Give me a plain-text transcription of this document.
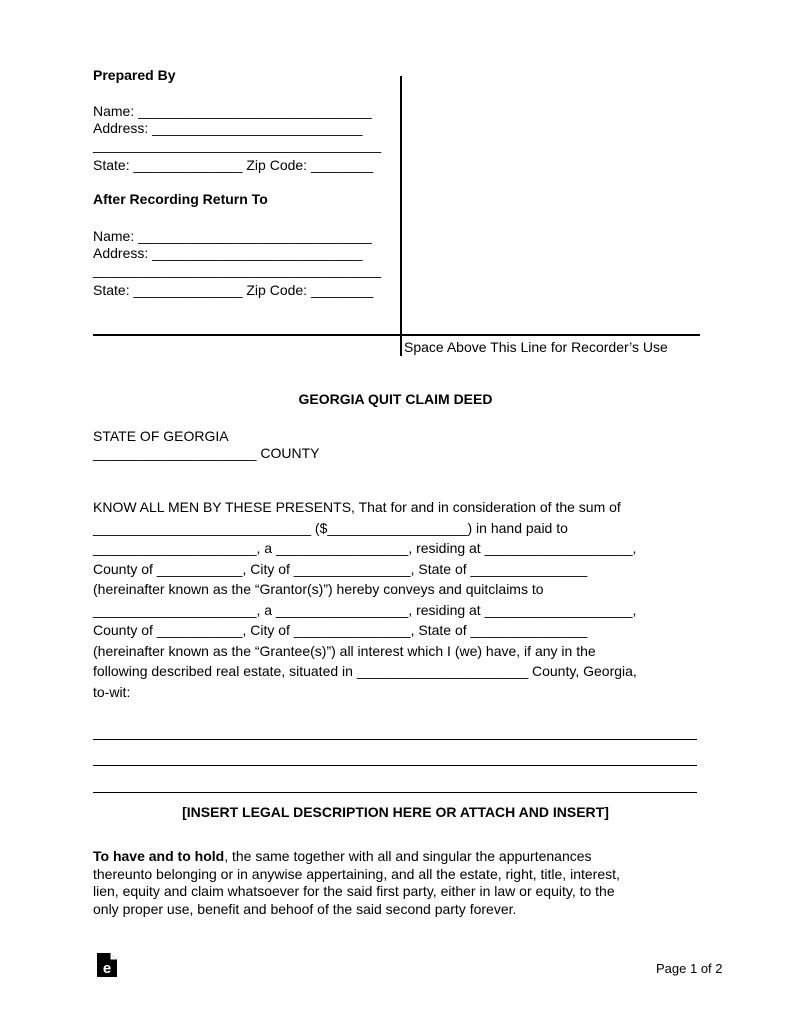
Prepared By
Name: ______________________________
Address: ___________________________
_____________________________________
State: ______________ Zip Code: ________
After Recording Return To
Name: ______________________________
Address: ___________________________
_____________________________________
State: ______________ Zip Code: ________
Space Above This Line for Recorder’s Use
GEORGIA QUIT CLAIM DEED
STATE OF GEORGIA
_____________________ COUNTY

KNOW ALL MEN BY THESE PRESENTS, That for and in consideration of the sum of

____________________________ ($__________________) in hand paid to

_____________________, a _________________, residing at ___________________,

County of ___________, City of _______________, State of _______________

(hereinafter known as the “Grantor(s)”) hereby conveys and quitclaims to

_____________________, a _________________, residing at ___________________,

County of ___________, City of _______________, State of _______________

(hereinafter known as the “Grantee(s)”) all interest which I (we) have, if any in the

following described real estate, situated in ______________________ County, Georgia,

to-wit:

[INSERT LEGAL DESCRIPTION HERE OR ATTACH AND INSERT]

To have and to hold, the same together with all and singular the appurtenances

thereunto belonging or in anywise appertaining, and all the estate, right, title, interest,

lien, equity and claim whatsoever for the said first party, either in law or equity, to the

only proper use, benefit and behoof of the said second party forever.

e	Page 1 of 2
